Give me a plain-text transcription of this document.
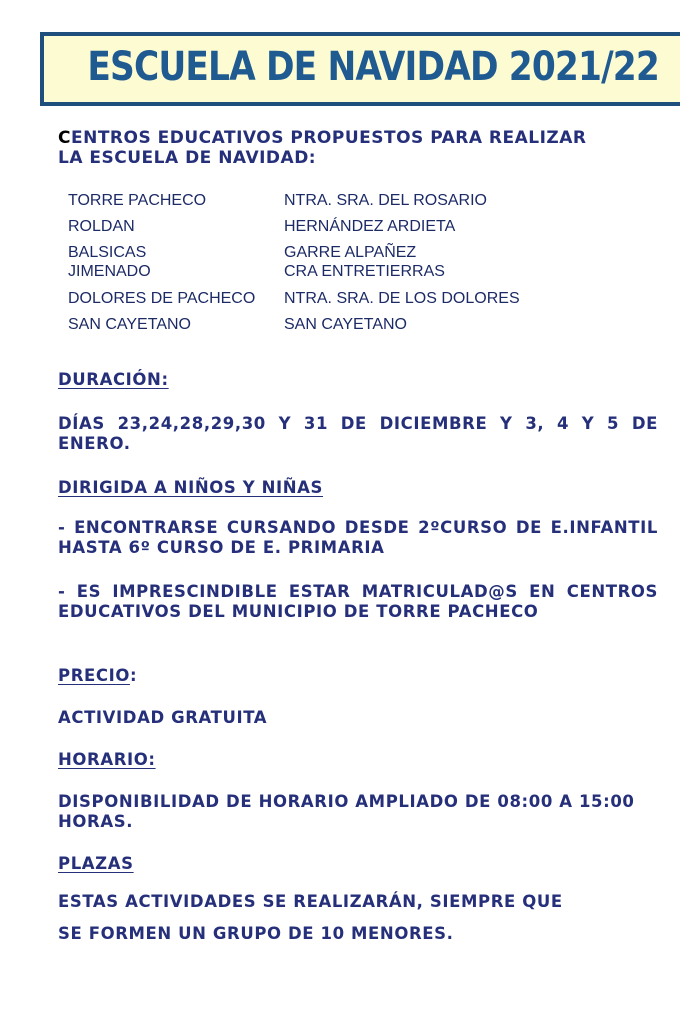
ESCUELA DE NAVIDAD 2021/22
CENTROS EDUCATIVOS PROPUESTOS PARA REALIZAR
LA ESCUELA DE NAVIDAD:
TORRE PACHECO	NTRA. SRA. DEL ROSARIO
ROLDAN	HERNÁNDEZ ARDIETA
BALSICAS	GARRE ALPAÑEZ
JIMENADO	CRA ENTRETIERRAS
DOLORES DE PACHECO	NTRA. SRA. DE LOS DOLORES
SAN CAYETANO	SAN CAYETANO
DURACIÓN:
DÍAS 23,24,28,29,30 Y 31 DE DICIEMBRE Y 3, 4 Y 5 DE ENERO.
DIRIGIDA A NIÑOS Y NIÑAS
- ENCONTRARSE CURSANDO DESDE 2ºCURSO DE E.INFANTIL HASTA 6º CURSO DE E. PRIMARIA
- ES IMPRESCINDIBLE ESTAR MATRICULAD@S EN CENTROS EDUCATIVOS DEL MUNICIPIO DE TORRE PACHECO
PRECIO:
ACTIVIDAD GRATUITA
HORARIO:
DISPONIBILIDAD DE HORARIO AMPLIADO DE 08:00 A 15:00 HORAS.
PLAZAS
ESTAS ACTIVIDADES SE REALIZARÁN, SIEMPRE QUE
SE FORMEN UN GRUPO DE 10 MENORES.
